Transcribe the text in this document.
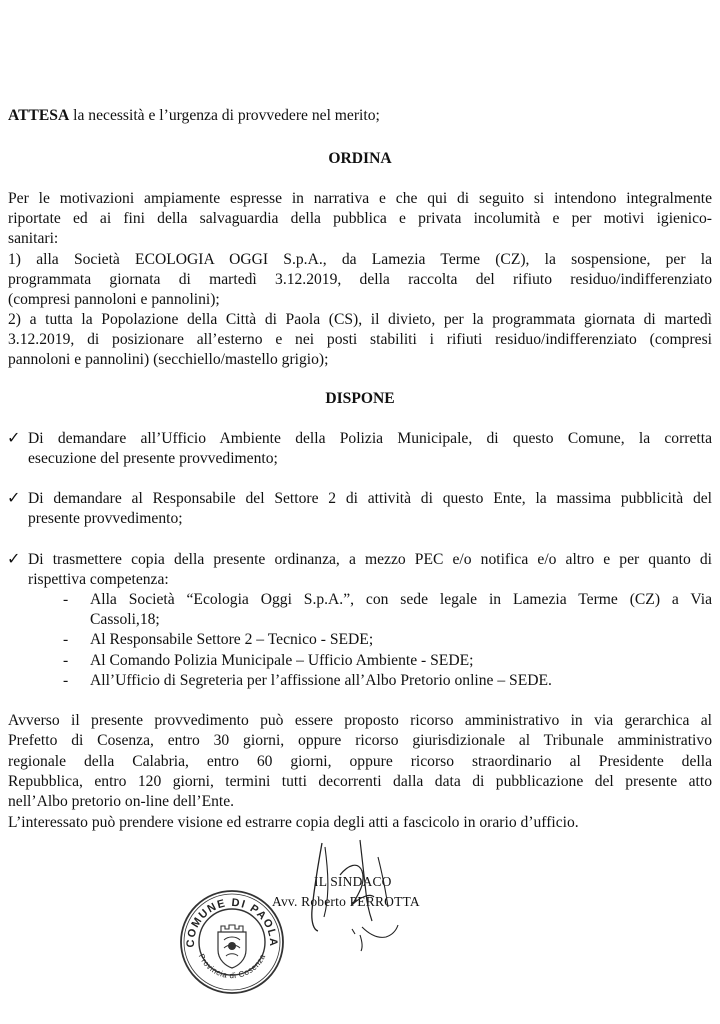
ATTESA la necessità e l’urgenza di provvedere nel merito;
ORDINA
Per le motivazioni ampiamente espresse in narrativa e che qui di seguito si intendono integralmente
riportate ed ai fini della salvaguardia della pubblica e privata incolumità e per motivi igienico-
sanitari:
1) alla Società ECOLOGIA OGGI S.p.A., da Lamezia Terme (CZ), la sospensione, per la
programmata giornata di martedì 3.12.2019, della raccolta del rifiuto residuo/indifferenziato
(compresi pannoloni e pannolini);
2) a tutta la Popolazione della Città di Paola (CS), il divieto, per la programmata giornata di martedì
3.12.2019, di posizionare all’esterno e nei posti stabiliti i rifiuti residuo/indifferenziato (compresi
pannoloni e pannolini) (secchiello/mastello grigio);
DISPONE
✓ Di demandare all’Ufficio Ambiente della Polizia Municipale, di questo Comune, la corretta
esecuzione del presente provvedimento;
✓ Di demandare al Responsabile del Settore 2 di attività di questo Ente, la massima pubblicità del
presente provvedimento;
✓ Di trasmettere copia della presente ordinanza, a mezzo PEC e/o notifica e/o altro e per quanto di
rispettiva competenza:
- Alla Società “Ecologia Oggi S.p.A.”, con sede legale in Lamezia Terme (CZ) a Via
Cassoli,18;
- Al Responsabile Settore 2 – Tecnico - SEDE;
- Al Comando Polizia Municipale – Ufficio Ambiente - SEDE;
- All’Ufficio di Segreteria per l’affissione all’Albo Pretorio online – SEDE.
Avverso il presente provvedimento può essere proposto ricorso amministrativo in via gerarchica al
Prefetto di Cosenza, entro 30 giorni, oppure ricorso giurisdizionale al Tribunale amministrativo
regionale della Calabria, entro 60 giorni, oppure ricorso straordinario al Presidente della
Repubblica, entro 120 giorni, termini tutti decorrenti dalla data di pubblicazione del presente atto
nell’Albo pretorio on-line dell’Ente.
L’interessato può prendere visione ed estrarre copia degli atti a fascicolo in orario d’ufficio.
IL SINDACO
Avv. Roberto PERROTTA
COMUNE DI PAOLA
Provincia di Cosenza
